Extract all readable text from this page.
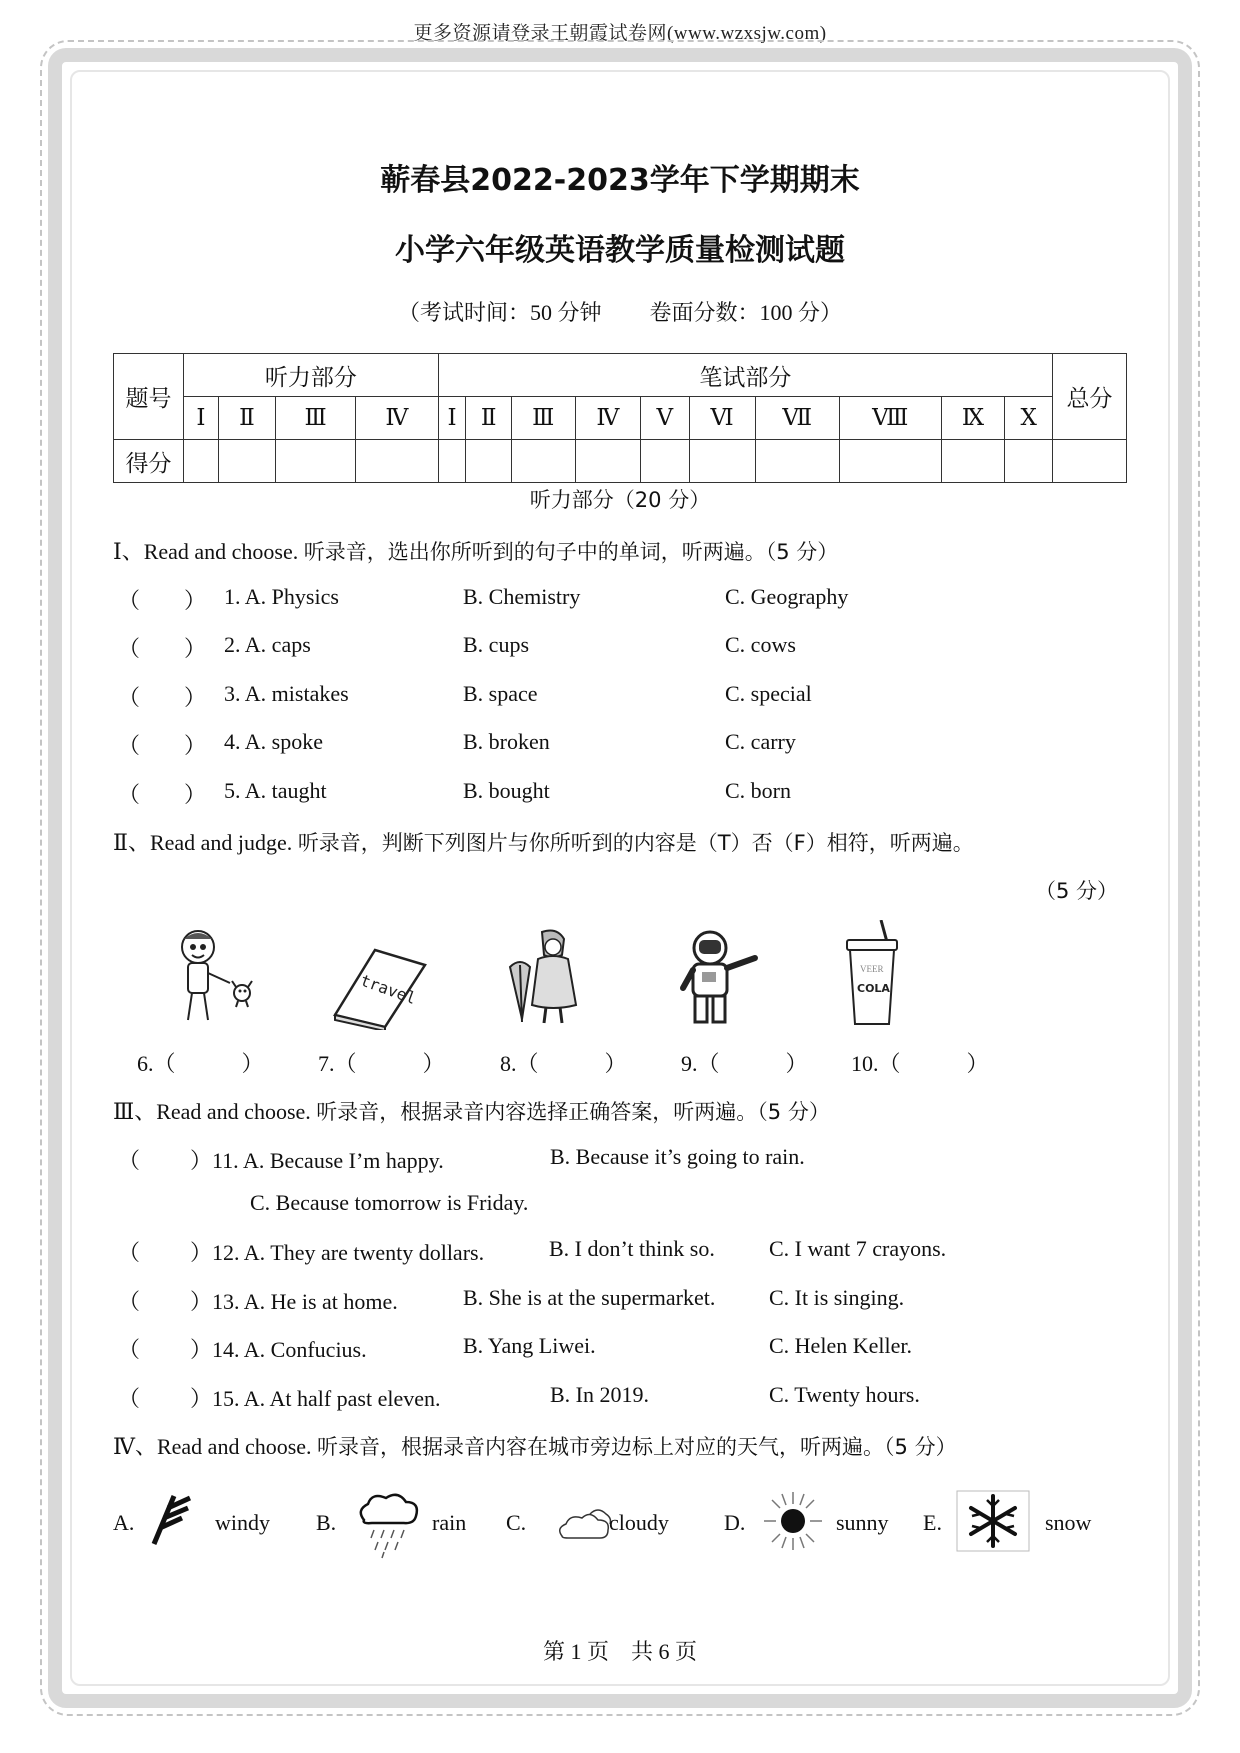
更多资源请登录王朝霞试卷网(www.wzxsjw.com)
蕲春县2022-2023学年下学期期末
小学六年级英语教学质量检测试题
（考试时间：50 分钟 卷面分数：100 分）
题号	听力部分				笔试部分										总分
	Ⅰ	Ⅱ	Ⅲ	Ⅳ	Ⅰ	Ⅱ	Ⅲ	Ⅳ	Ⅴ	Ⅵ	Ⅶ	Ⅷ	Ⅸ	Ⅹ	
得分															
听力部分（20 分）
Ⅰ、Read and choose. 听录音，选出你所听到的句子中的单词，听两遍。（5 分）
（　　） 1. A. Physics	B. Chemistry	C. Geography
（　　） 2. A. caps	B. cups	C. cows
（　　） 3. A. mistakes	B. space	C. special
（　　） 4. A. spoke	B. broken	C. carry
（　　） 5. A. taught	B. bought	C. born
Ⅱ、Read and judge. 听录音，判断下列图片与你所听到的内容是（T）否（F）相符，听两遍。
（5 分）
travel
VEER
COLA
6.（　　　） 7.（　　　）	8.（　　　） 9.（　　　） 10.（　　　）
Ⅲ、Read and choose. 听录音，根据录音内容选择正确答案，听两遍。（5 分）
（ ）11. A. Because I’m happy.	B. Because it’s going to rain.
C. Because tomorrow is Friday.
（ ）12. A. They are twenty dollars.	B. I don’t think so. C. I want 7 crayons.
（ ）13. A. He is at home.	B. She is at the supermarket. C. It is singing.
（ ）14. A. Confucius.	B. Yang Liwei.	C. Helen Keller.
（ ）15. A. At half past eleven.	B. In 2019.	C. Twenty hours.
Ⅳ、Read and choose. 听录音，根据录音内容在城市旁边标上对应的天气，听两遍。（5 分）
A.	windy B.	rain C.	cloudy	D.	sunny E.	snow
第 1 页　共 6 页
